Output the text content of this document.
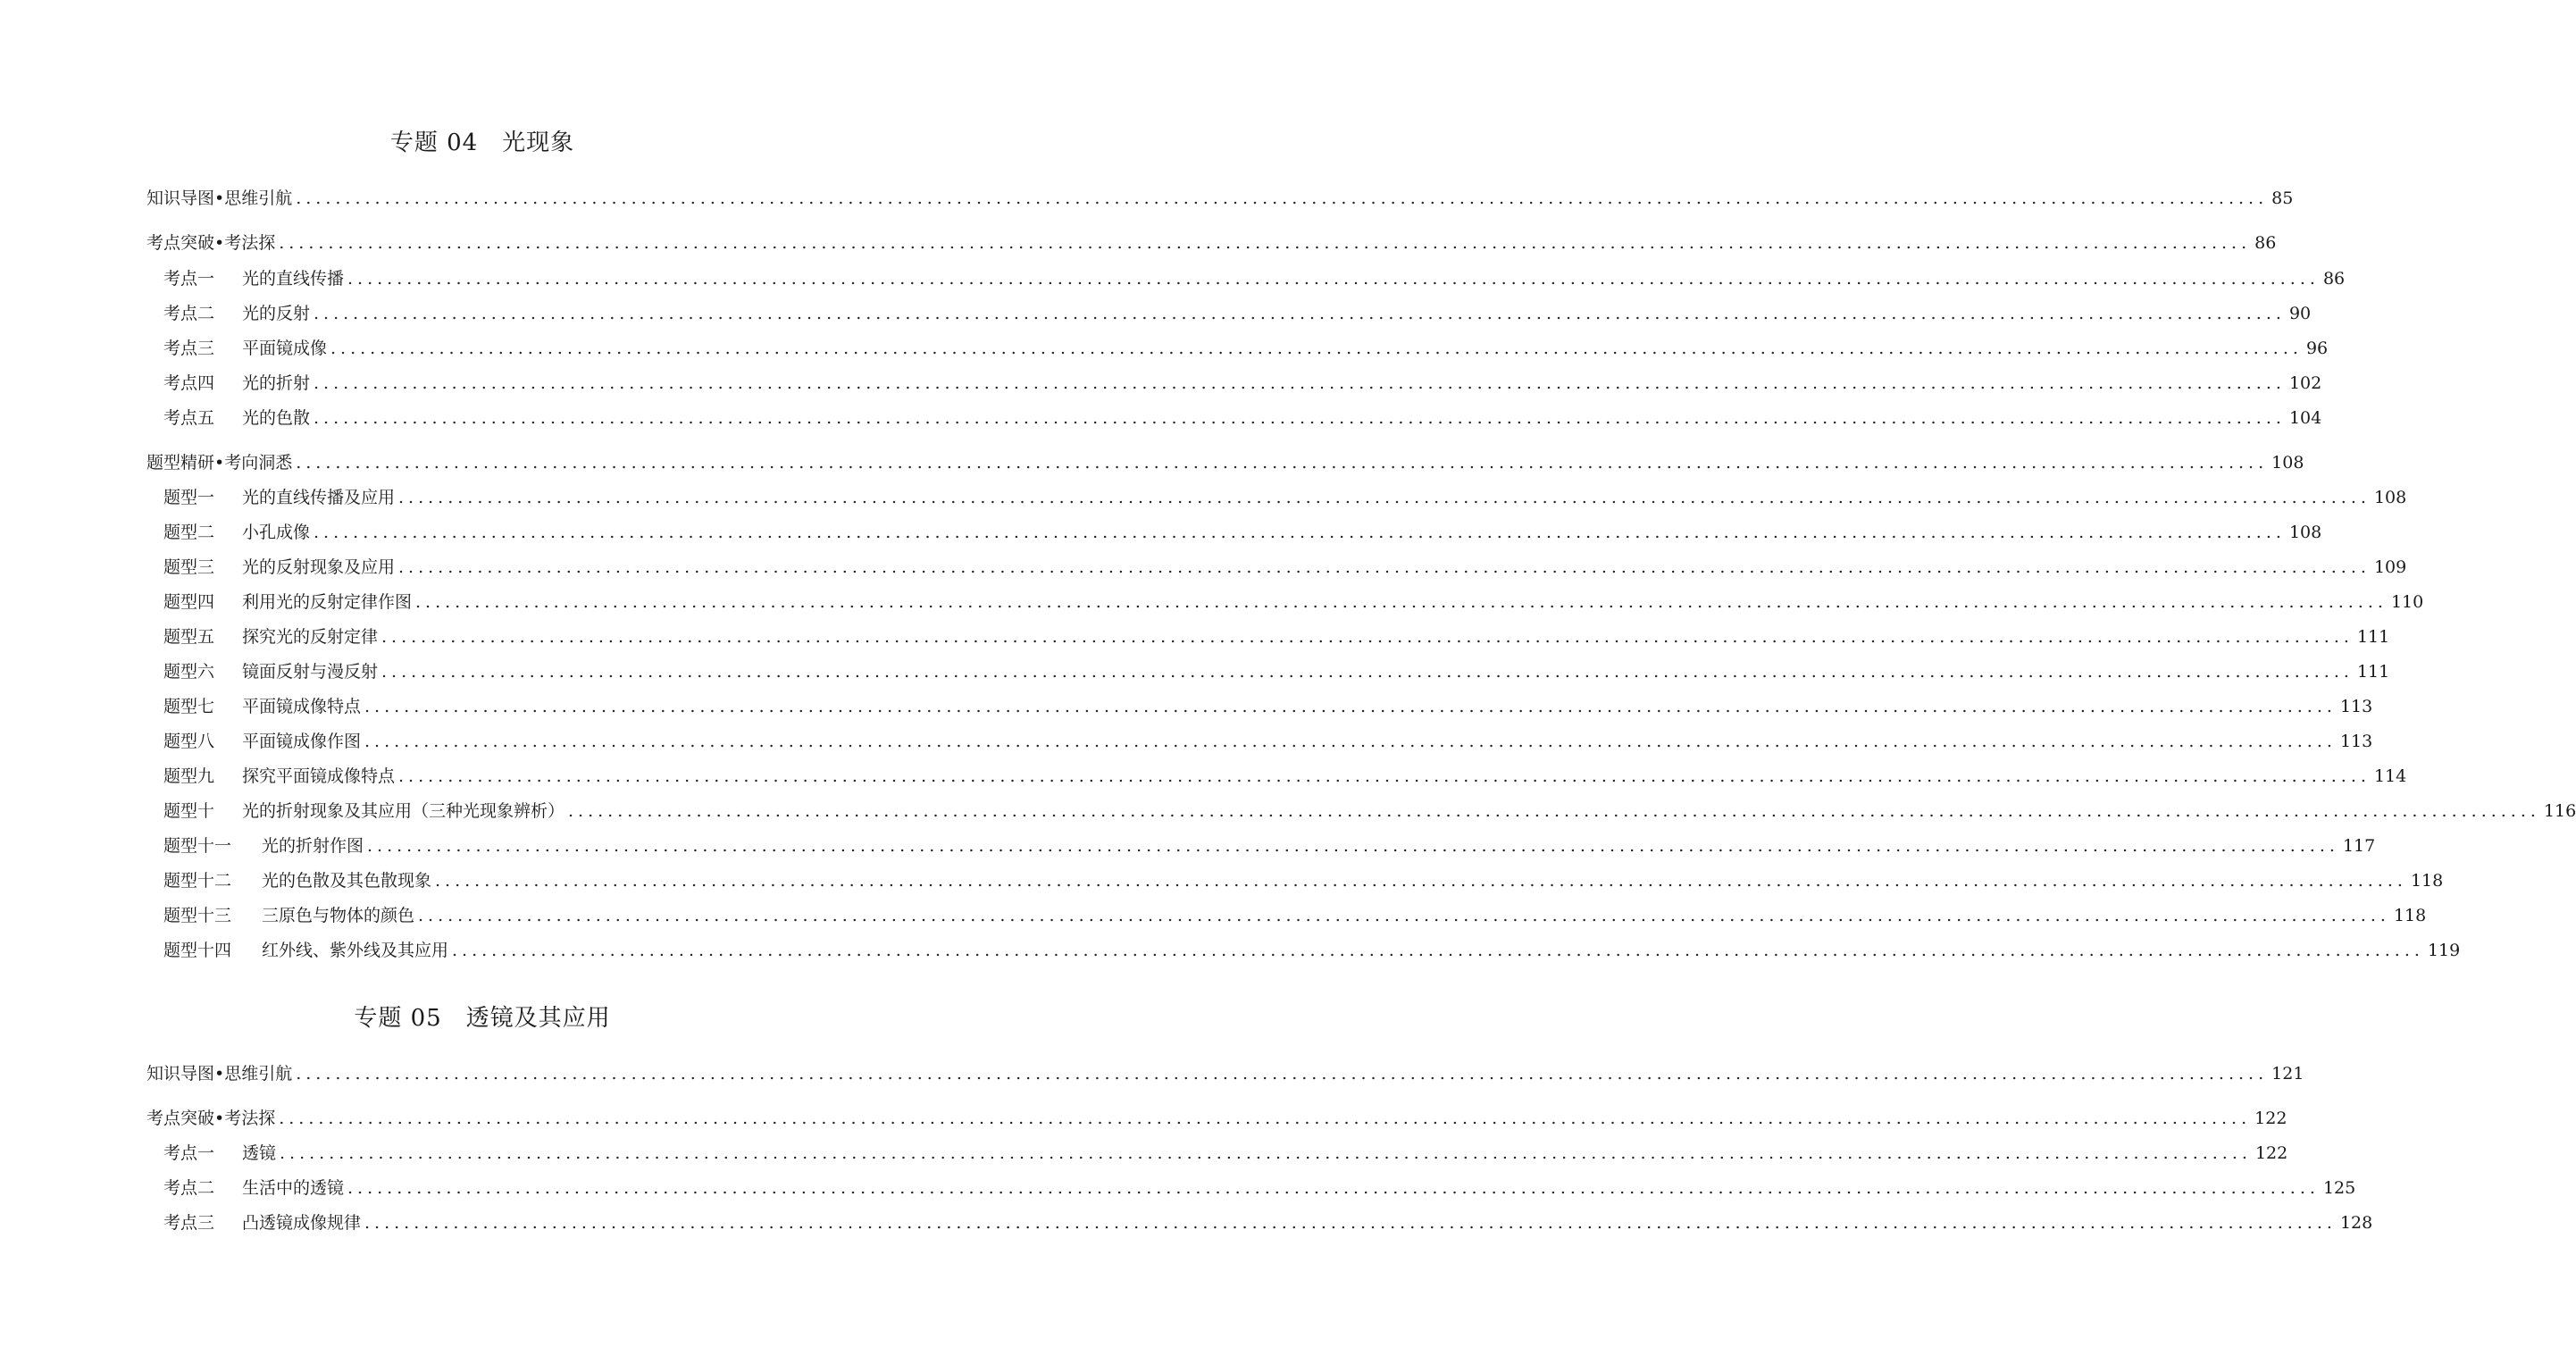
专题 04　光现象
知识导图•思维引航 ........................................................................................................................................................................................................ 85
考点突破•考法探 ........................................................................................................................................................................................................ 86
考点一 光的直线传播 ........................................................................................................................................................................................................ 86
考点二 光的反射 ........................................................................................................................................................................................................ 90
考点三 平面镜成像 ........................................................................................................................................................................................................ 96
考点四 光的折射 ........................................................................................................................................................................................................ 102
考点五 光的色散 ........................................................................................................................................................................................................ 104
题型精研•考向洞悉 ........................................................................................................................................................................................................ 108
题型一 光的直线传播及应用 ........................................................................................................................................................................................................ 108
题型二 小孔成像 ........................................................................................................................................................................................................ 108
题型三 光的反射现象及应用 ........................................................................................................................................................................................................ 109
题型四 利用光的反射定律作图 ........................................................................................................................................................................................................ 110
题型五 探究光的反射定律 ........................................................................................................................................................................................................ 111
题型六 镜面反射与漫反射 ........................................................................................................................................................................................................ 111
题型七 平面镜成像特点 ........................................................................................................................................................................................................ 113
题型八 平面镜成像作图 ........................................................................................................................................................................................................ 113
题型九 探究平面镜成像特点 ........................................................................................................................................................................................................ 114
题型十 光的折射现象及其应用（三种光现象辨析） ........................................................................................................................................................................................................ 116
题型十一 光的折射作图 ........................................................................................................................................................................................................ 117
题型十二 光的色散及其色散现象 ........................................................................................................................................................................................................ 118
题型十三 三原色与物体的颜色 ........................................................................................................................................................................................................ 118
题型十四 红外线、紫外线及其应用 ........................................................................................................................................................................................................ 119
专题 05　透镜及其应用
知识导图•思维引航 ........................................................................................................................................................................................................ 121
考点突破•考法探 ........................................................................................................................................................................................................ 122
考点一 透镜 ........................................................................................................................................................................................................ 122
考点二 生活中的透镜 ........................................................................................................................................................................................................ 125
考点三 凸透镜成像规律 ........................................................................................................................................................................................................ 128
